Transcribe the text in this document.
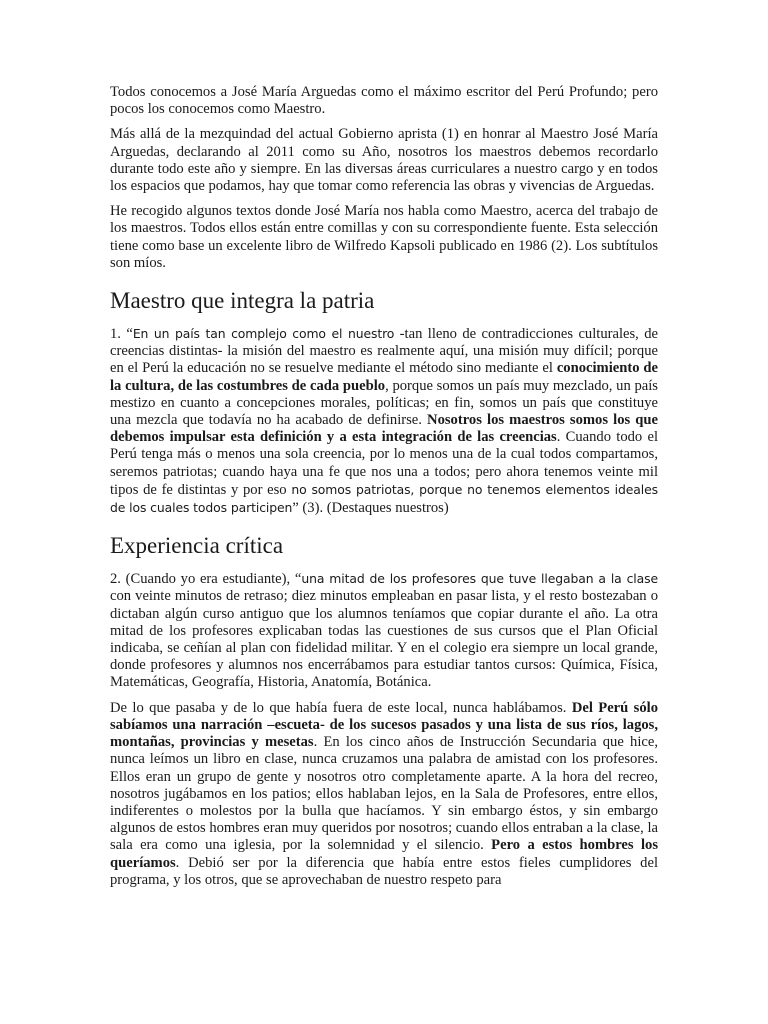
Todos conocemos a José María Arguedas como el máximo escritor del Perú Profundo; pero pocos los conocemos como Maestro.

Más allá de la mezquindad del actual Gobierno aprista (1) en honrar al Maestro José María Arguedas, declarando al 2011 como su Año, nosotros los maestros debemos recordarlo durante todo este año y siempre. En las diversas áreas curriculares a nuestro cargo y en todos los espacios que podamos, hay que tomar como referencia las obras y vivencias de Arguedas.

He recogido algunos textos donde José María nos habla como Maestro, acerca del trabajo de los maestros. Todos ellos están entre comillas y con su correspondiente fuente. Esta selección tiene como base un excelente libro de Wilfredo Kapsoli publicado en 1986 (2). Los subtítulos son míos.

Maestro que integra la patria

1. “En un país tan complejo como el nuestro -tan lleno de contradicciones culturales, de creencias distintas- la misión del maestro es realmente aquí, una misión muy difícil; porque en el Perú la educación no se resuelve mediante el método sino mediante el conocimiento de la cultura, de las costumbres de cada pueblo, porque somos un país muy mezclado, un país mestizo en cuanto a concepciones morales, políticas; en fin, somos un país que constituye una mezcla que todavía no ha acabado de definirse. Nosotros los maestros somos los que debemos impulsar esta definición y a esta integración de las creencias. Cuando todo el Perú tenga más o menos una sola creencia, por lo menos una de la cual todos compartamos, seremos patriotas; cuando haya una fe que nos una a todos; pero ahora tenemos veinte mil tipos de fe distintas y por eso no somos patriotas, porque no tenemos elementos ideales de los cuales todos participen” (3). (Destaques nuestros)

Experiencia crítica

2. (Cuando yo era estudiante), “una mitad de los profesores que tuve llegaban a la clase con veinte minutos de retraso; diez minutos empleaban en pasar lista, y el resto bostezaban o dictaban algún curso antiguo que los alumnos teníamos que copiar durante el año. La otra mitad de los profesores explicaban todas las cuestiones de sus cursos que el Plan Oficial indicaba, se ceñían al plan con fidelidad militar. Y en el colegio era siempre un local grande, donde profesores y alumnos nos encerrábamos para estudiar tantos cursos: Química, Física, Matemáticas, Geografía, Historia, Anatomía, Botánica.

De lo que pasaba y de lo que había fuera de este local, nunca hablábamos. Del Perú sólo sabíamos una narración –escueta- de los sucesos pasados y una lista de sus ríos, lagos, montañas, provincias y mesetas. En los cinco años de Instrucción Secundaria que hice, nunca leímos un libro en clase, nunca cruzamos una palabra de amistad con los profesores. Ellos eran un grupo de gente y nosotros otro completamente aparte. A la hora del recreo, nosotros jugábamos en los patios; ellos hablaban lejos, en la Sala de Profesores, entre ellos, indiferentes o molestos por la bulla que hacíamos. Y sin embargo éstos, y sin embargo algunos de estos hombres eran muy queridos por nosotros; cuando ellos entraban a la clase, la sala era como una iglesia, por la solemnidad y el silencio. Pero a estos hombres los queríamos. Debió ser por la diferencia que había entre estos fieles cumplidores del programa, y los otros, que se aprovechaban de nuestro respeto para
